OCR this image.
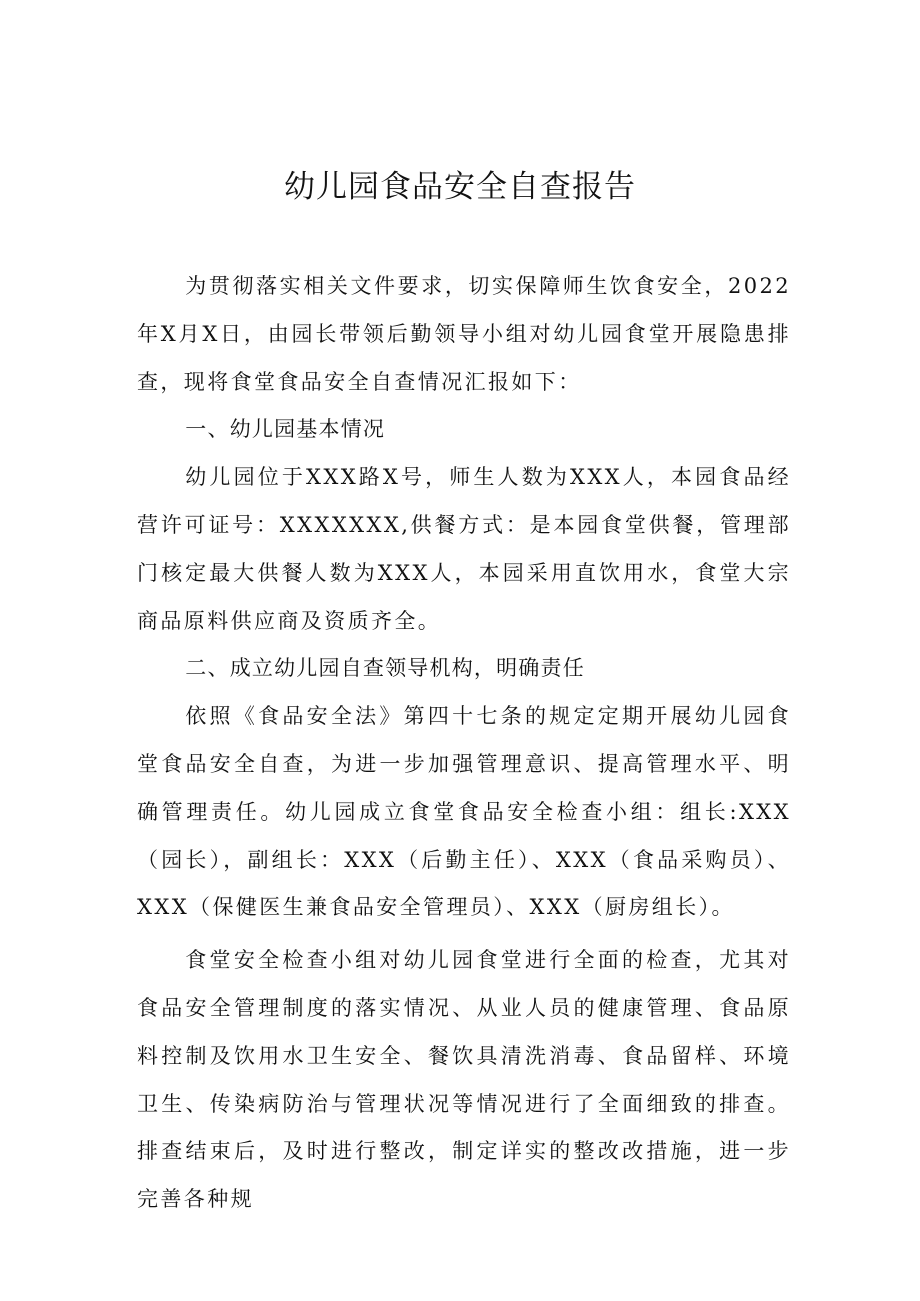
幼儿园食品安全自查报告

为贯彻落实相关文件要求，切实保障师生饮食安全，2022年X月X日，由园长带领后勤领导小组对幼儿园食堂开展隐患排查，现将食堂食品安全自查情况汇报如下：

一、幼儿园基本情况

幼儿园位于XXX路X号，师生人数为XXX人，本园食品经营许可证号：XXXXXXX,供餐方式：是本园食堂供餐，管理部门核定最大供餐人数为XXX人，本园采用直饮用水，食堂大宗商品原料供应商及资质齐全。

二、成立幼儿园自查领导机构，明确责任

依照《食品安全法》第四十七条的规定定期开展幼儿园食堂食品安全自查，为进一步加强管理意识、提高管理水平、明确管理责任。幼儿园成立食堂食品安全检查小组：组长:XXX（园长），副组长：XXX（后勤主任）、XXX（食品采购员）、XXX（保健医生兼食品安全管理员）、XXX（厨房组长）。

食堂安全检查小组对幼儿园食堂进行全面的检查，尤其对食品安全管理制度的落实情况、从业人员的健康管理、食品原料控制及饮用水卫生安全、餐饮具清洗消毒、食品留样、环境卫生、传染病防治与管理状况等情况进行了全面细致的排查。排查结束后，及时进行整改，制定详实的整改改措施，进一步完善各种规
